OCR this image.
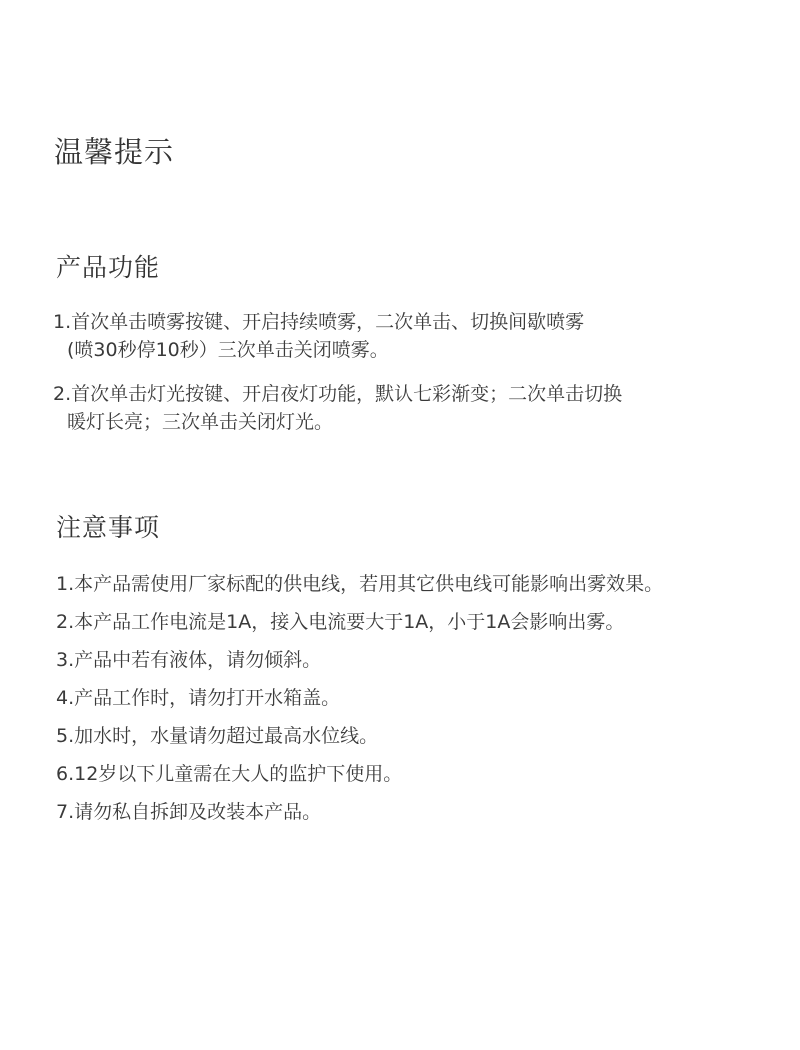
温馨提示
产品功能
1.首次单击喷雾按键、开启持续喷雾，二次单击、切换间歇喷雾
(喷30秒停10秒）三次单击关闭喷雾。
2.首次单击灯光按键、开启夜灯功能，默认七彩渐变；二次单击切换
暖灯长亮；三次单击关闭灯光。
注意事项
1.本产品需使用厂家标配的供电线，若用其它供电线可能影响出雾效果。
2.本产品工作电流是1A，接入电流要大于1A，小于1A会影响出雾。
3.产品中若有液体，请勿倾斜。
4.产品工作时，请勿打开水箱盖。
5.加水时，水量请勿超过最高水位线。
6.12岁以下儿童需在大人的监护下使用。
7.请勿私自拆卸及改装本产品。
